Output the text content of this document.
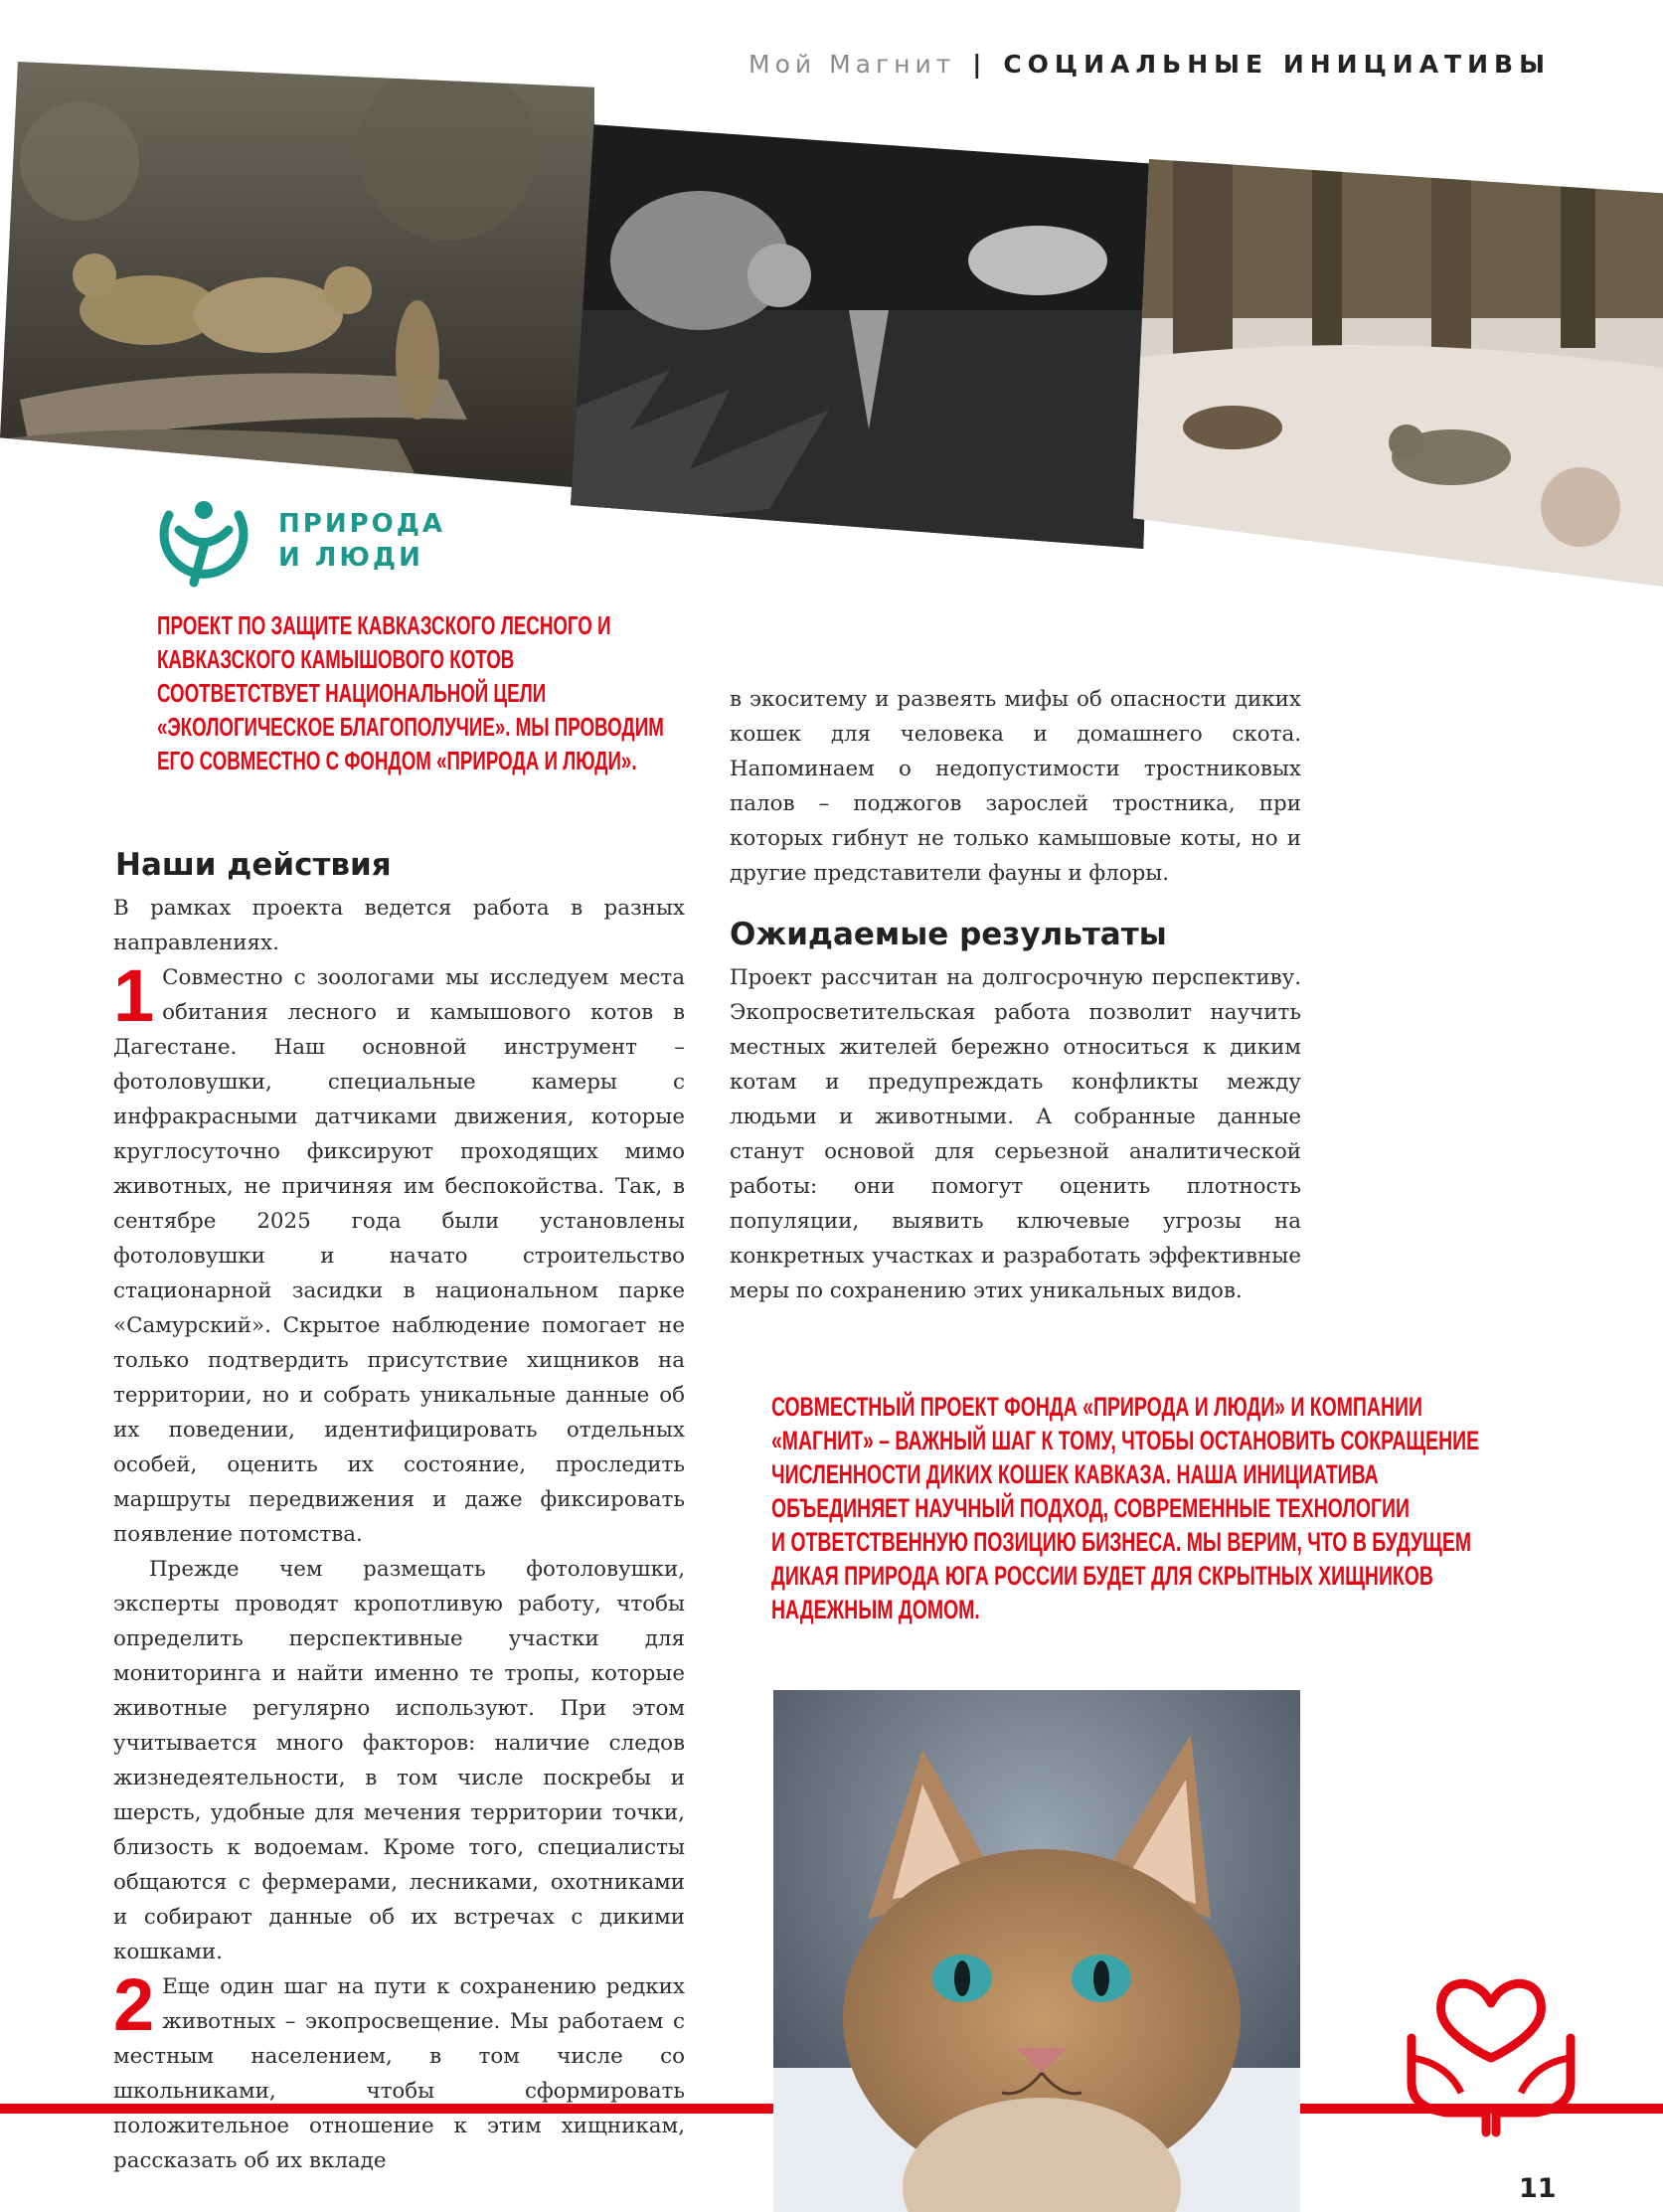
Мой Магнит | СОЦИАЛЬНЫЕ ИНИЦИАТИВЫ
ПРИРОДА
И ЛЮДИ
ПРОЕКТ ПО ЗАЩИТЕ КАВКАЗСКОГО ЛЕСНОГО И КАВКАЗСКОГО КАМЫШОВОГО КОТОВ СООТВЕТСТВУЕТ НАЦИОНАЛЬНОЙ ЦЕЛИ «ЭКОЛОГИЧЕСКОЕ БЛАГОПОЛУЧИЕ». МЫ ПРОВОДИМ ЕГО СОВМЕСТНО С ФОНДОМ «ПРИРОДА И ЛЮДИ».
Наши действия

В рамках проекта ведется работа в разных направлениях.

1 Совместно с зоологами мы исследуем места обитания лесного и камышового котов в Дагестане. Наш основной инструмент – фотоловушки, специальные камеры с инфракрасными датчиками движения, которые круглосуточно фиксируют проходящих мимо животных, не причиняя им беспокойства. Так, в сентябре 2025 года были установлены фотоловушки и начато строительство стационарной засидки в национальном парке «Самурский». Скрытое наблюдение помогает не только подтвердить присутствие хищников на территории, но и собрать уникальные данные об их поведении, идентифицировать отдельных особей, оценить их состояние, проследить маршруты передвижения и даже фиксировать появление потомства.

Прежде чем размещать фотоловушки, эксперты проводят кропотливую работу, чтобы определить перспективные участки для мониторинга и найти именно те тропы, которые животные регулярно используют. При этом учитывается много факторов: наличие следов жизнедеятельности, в том числе поскребы и шерсть, удобные для мечения территории точки, близость к водоемам. Кроме того, специалисты общаются с фермерами, лесниками, охотниками и собирают данные об их встречах с дикими кошками.

2 Еще один шаг на пути к сохранению редких животных – экопросвещение. Мы работаем с местным населением, в том числе со школьниками, чтобы сформировать положительное отношение к этим хищникам, рассказать об их вкладе

в экоситему и развеять мифы об опасности диких кошек для человека и домашнего скота. Напоминаем о недопустимости тростниковых палов – поджогов зарослей тростника, при которых гибнут не только камышовые коты, но и другие представители фауны и флоры.
Ожидаемые результаты
Проект рассчитан на долгосрочную перспективу. Экопросветительская работа позволит научить местных жителей бережно относиться к диким котам и предупреждать конфликты между людьми и животными. А собранные данные станут основой для серьезной аналитической работы: они помогут оценить плотность популяции, выявить ключевые угрозы на конкретных участках и разработать эффективные меры по сохранению этих уникальных видов.
СОВМЕСТНЫЙ ПРОЕКТ ФОНДА «ПРИРОДА И ЛЮДИ» И КОМПАНИИ
«МАГНИТ» – ВАЖНЫЙ ШАГ К ТОМУ, ЧТОБЫ ОСТАНОВИТЬ СОКРАЩЕНИЕ
ЧИСЛЕННОСТИ ДИКИХ КОШЕК КАВКАЗА. НАША ИНИЦИАТИВА
ОБЪЕДИНЯЕТ НАУЧНЫЙ ПОДХОД, СОВРЕМЕННЫЕ ТЕХНОЛОГИИ
И ОТВЕТСТВЕННУЮ ПОЗИЦИЮ БИЗНЕСА. МЫ ВЕРИМ, ЧТО В БУДУЩЕМ
ДИКАЯ ПРИРОДА ЮГА РОССИИ БУДЕТ ДЛЯ СКРЫТНЫХ ХИЩНИКОВ
НАДЕЖНЫМ ДОМОМ.
11
